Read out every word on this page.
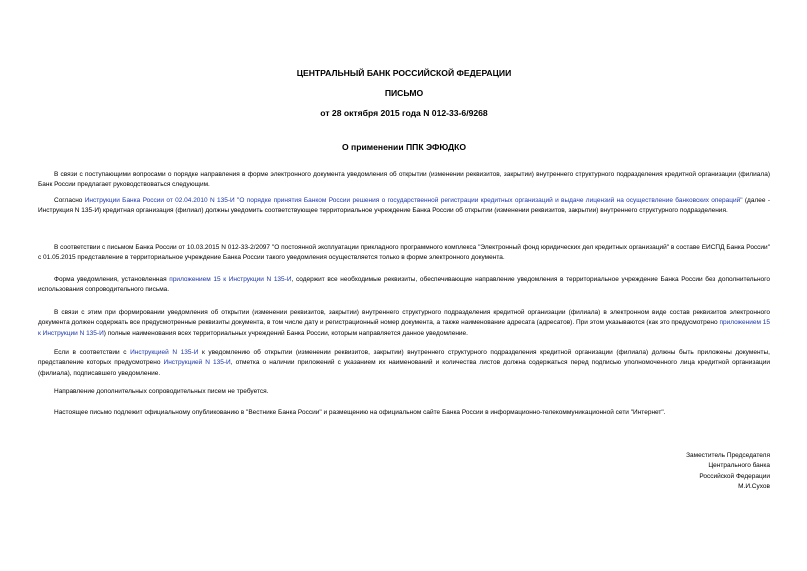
ЦЕНТРАЛЬНЫЙ БАНК РОССИЙСКОЙ ФЕДЕРАЦИИ
ПИСЬМО
от 28 октября 2015 года N 012-33-6/9268
О применении ППК ЭФЮДКО

В связи с поступающими вопросами о порядке направления в форме электронного документа уведомления об открытии (изменении реквизитов, закрытии) внутреннего структурного подразделения кредитной организации (филиала) Банк России предлагает руководствоваться следующим.

Согласно Инструкции Банка России от 02.04.2010 N 135-И "О порядке принятия Банком России решения о государственной регистрации кредитных организаций и выдаче лицензий на осуществление банковских операций" (далее - Инструкция N 135-И) кредитная организация (филиал) должны уведомить соответствующее территориальное учреждение Банка России об открытии (изменении реквизитов, закрытии) внутреннего структурного подразделения.

В соответствии с письмом Банка России от 10.03.2015 N 012-33-2/2097 "О постоянной эксплуатации прикладного программного комплекса "Электронный фонд юридических дел кредитных организаций" в составе ЕИСПД Банка России" с 01.05.2015 представление в территориальное учреждение Банка России такого уведомления осуществляется только в форме электронного документа.

Форма уведомления, установленная приложением 15 к Инструкции N 135-И, содержит все необходимые реквизиты, обеспечивающие направление уведомления в территориальное учреждение Банка России без дополнительного использования сопроводительного письма.

В связи с этим при формировании уведомления об открытии (изменении реквизитов, закрытии) внутреннего структурного подразделения кредитной организации (филиала) в электронном виде состав реквизитов электронного документа должен содержать все предусмотренные реквизиты документа, в том числе дату и регистрационный номер документа, а также наименование адресата (адресатов). При этом указываются (как это предусмотрено приложением 15 к Инструкции N 135-И) полные наименования всех территориальных учреждений Банка России, которым направляется данное уведомление.

Если в соответствии с Инструкцией N 135-И к уведомлению об открытии (изменении реквизитов, закрытии) внутреннего структурного подразделения кредитной организации (филиала) должны быть приложены документы, представление которых предусмотрено Инструкцией N 135-И, отметка о наличии приложений с указанием их наименований и количества листов должна содержаться перед подписью уполномоченного лица кредитной организации (филиала), подписавшего уведомление.

Направление дополнительных сопроводительных писем не требуется.

Настоящее письмо подлежит официальному опубликованию в "Вестнике Банка России" и размещению на официальном сайте Банка России в информационно-телекоммуникационной сети "Интернет".

Заместитель Председателя
Центрального банка
Российской Федерации
М.И.Сухов
